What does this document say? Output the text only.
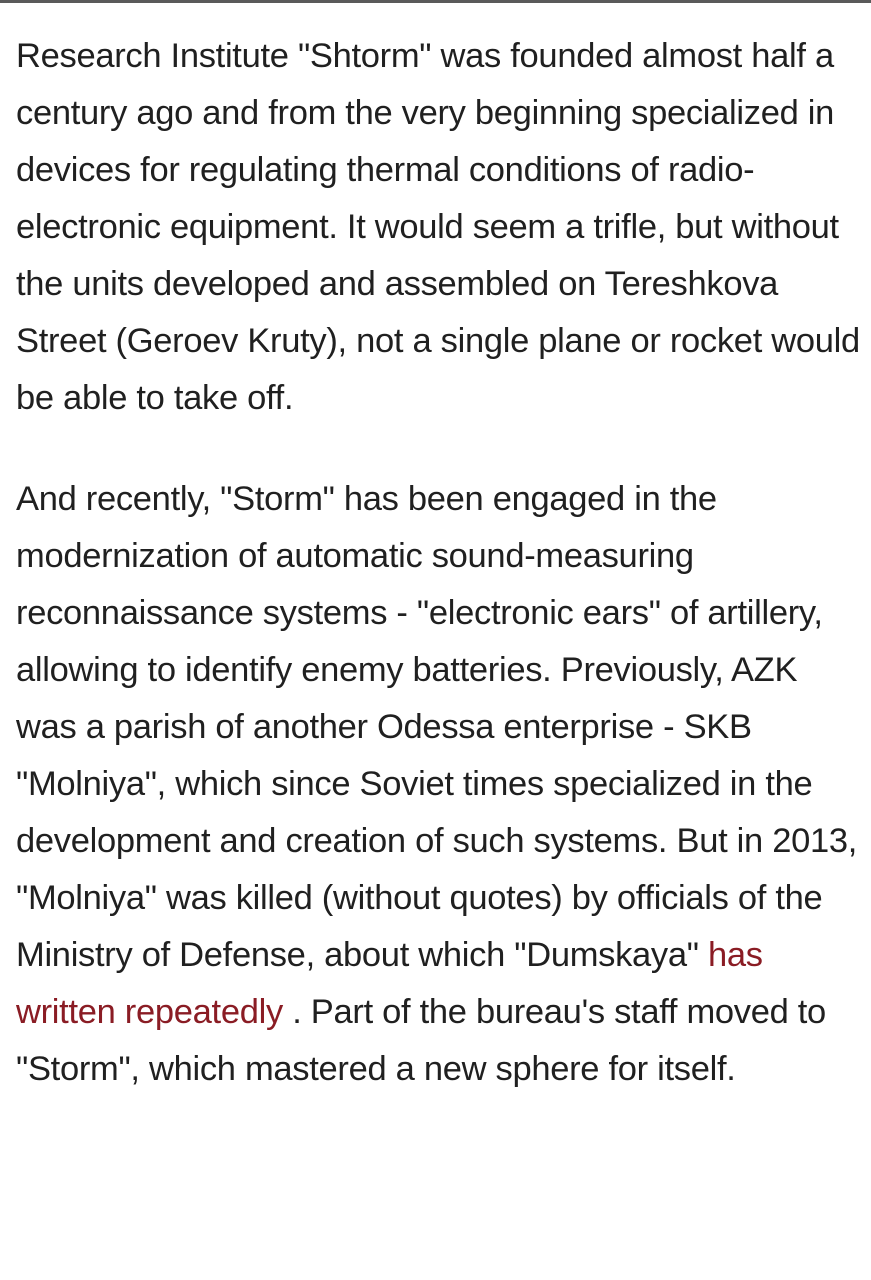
Research Institute "Shtorm" was founded almost half a century ago and from the very beginning specialized in devices for regulating thermal conditions of radio-electronic equipment. It would seem a trifle, but without the units developed and assembled on Tereshkova Street (Geroev Kruty), not a single plane or rocket would be able to take off.

And recently, "Storm" has been engaged in the modernization of automatic sound-measuring reconnaissance systems - "electronic ears" of artillery, allowing to identify enemy batteries. Previously, AZK was a parish of another Odessa enterprise - SKB "Molniya", which since Soviet times specialized in the development and creation of such systems. But in 2013, "Molniya" was killed (without quotes) by officials of the Ministry of Defense, about which "Dumskaya" has written repeatedly . Part of the bureau's staff moved to "Storm", which mastered a new sphere for itself.
